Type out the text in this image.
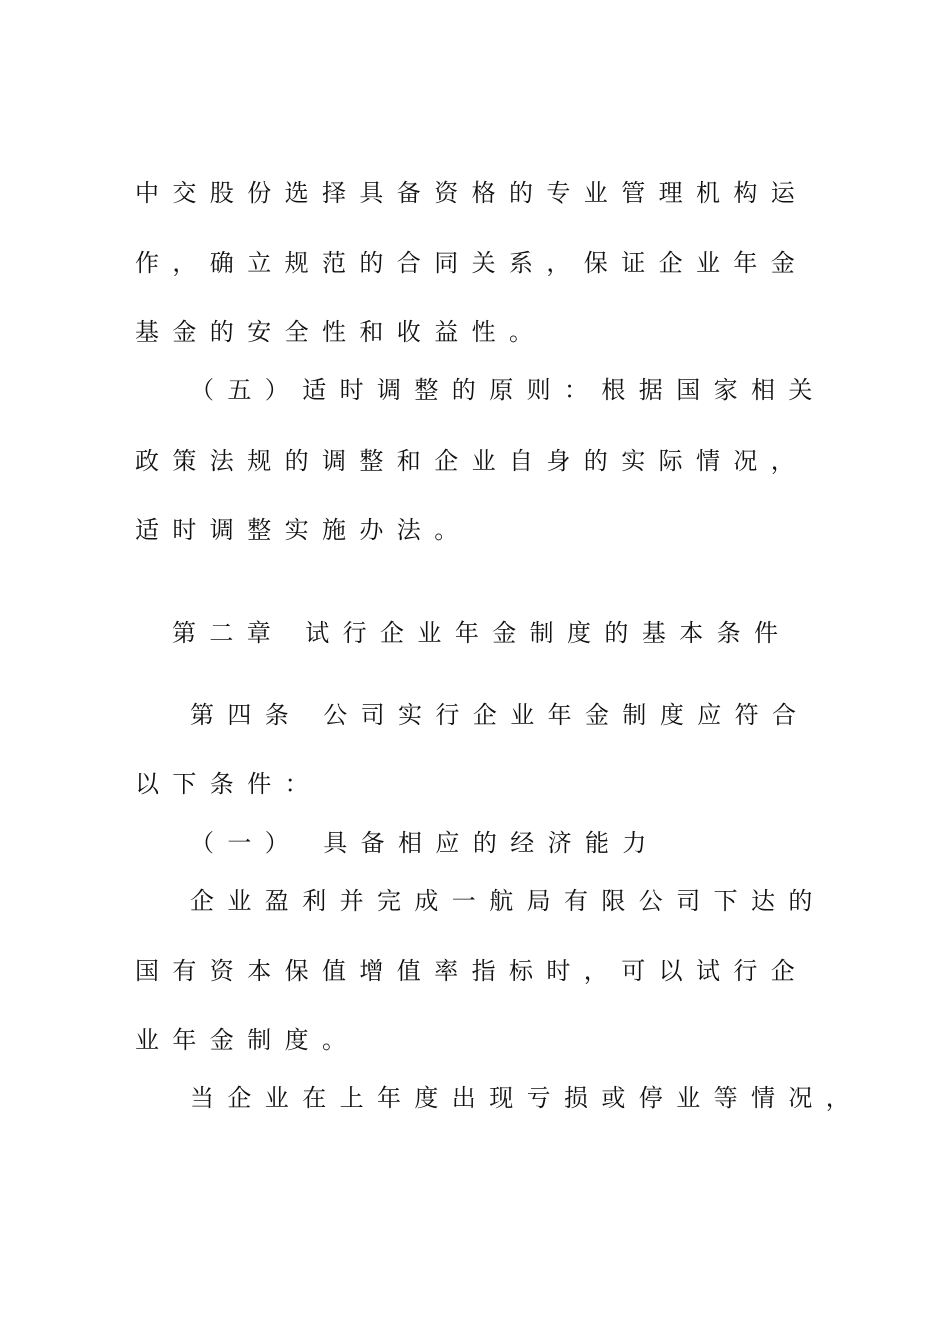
中交股份选择具备资格的专业管理机构运
作，确立规范的合同关系，保证企业年金
基金的安全性和收益性。
（五）适时调整的原则：根据国家相关
政策法规的调整和企业自身的实际情况，
适时调整实施办法。
第二章 试行企业年金制度的基本条件
第四条 公司实行企业年金制度应符合
以下条件：
（一） 具备相应的经济能力
企业盈利并完成一航局有限公司下达的
国有资本保值增值率指标时，可以试行企
业年金制度。
当企业在上年度出现亏损或停业等情况，
